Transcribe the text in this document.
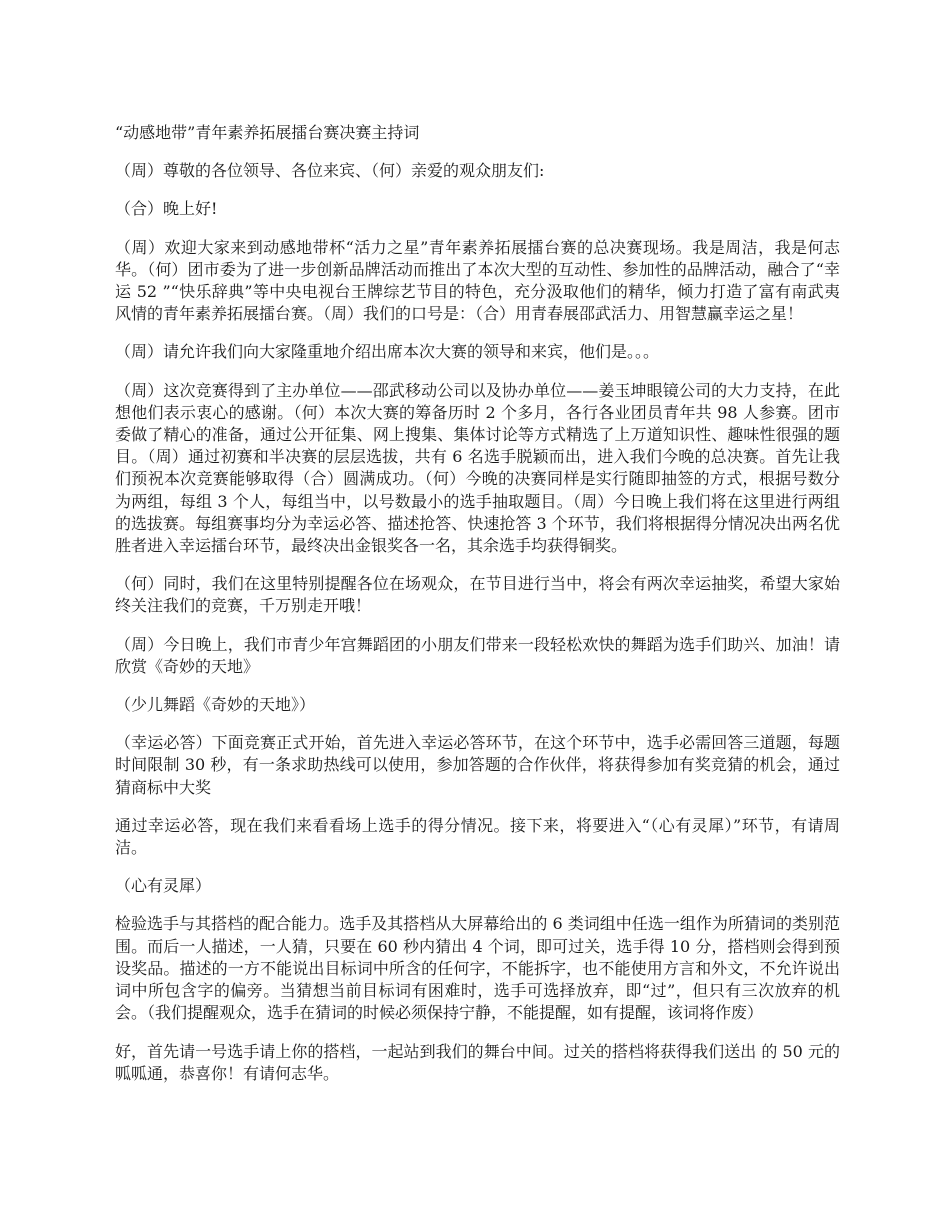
“动感地带”青年素养拓展擂台赛决赛主持词

（周）尊敬的各位领导、各位来宾、（何）亲爱的观众朋友们:

（合）晚上好!

（周）欢迎大家来到动感地带杯“活力之星”青年素养拓展擂台赛的总决赛现场。我是周洁，我是何志华。（何）团市委为了进一步创新品牌活动而推出了本次大型的互动性、参加性的品牌活动，融合了“幸运 52 ”“快乐辞典”等中央电视台王牌综艺节目的特色，充分汲取他们的精华，倾力打造了富有南武夷风情的青年素养拓展擂台赛。（周）我们的口号是：（合）用青春展邵武活力、用智慧赢幸运之星！

（周）请允许我们向大家隆重地介绍出席本次大赛的领导和来宾，他们是。。。

（周）这次竞赛得到了主办单位——邵武移动公司以及协办单位——姜玉坤眼镜公司的大力支持，在此想他们表示衷心的感谢。（何）本次大赛的筹备历时 2 个多月，各行各业团员青年共 98 人参赛。团市委做了精心的准备，通过公开征集、网上搜集、集体讨论等方式精选了上万道知识性、趣味性很强的题目。（周）通过初赛和半决赛的层层选拔，共有 6 名选手脱颖而出，进入我们今晚的总决赛。首先让我们预祝本次竞赛能够取得（合）圆满成功。（何）今晚的决赛同样是实行随即抽签的方式，根据号数分为两组，每组 3 个人，每组当中，以号数最小的选手抽取题目。（周）今日晚上我们将在这里进行两组的选拔赛。每组赛事均分为幸运必答、描述抢答、快速抢答 3 个环节，我们将根据得分情况决出两名优胜者进入幸运擂台环节，最终决出金银奖各一名，其余选手均获得铜奖。

（何）同时，我们在这里特别提醒各位在场观众，在节目进行当中，将会有两次幸运抽奖，希望大家始终关注我们的竞赛，千万别走开哦！

（周）今日晚上，我们市青少年宫舞蹈团的小朋友们带来一段轻松欢快的舞蹈为选手们助兴、加油！请欣赏《奇妙的天地》

（少儿舞蹈《奇妙的天地》）

（幸运必答）下面竞赛正式开始，首先进入幸运必答环节，在这个环节中，选手必需回答三道题，每题时间限制 30 秒，有一条求助热线可以使用，参加答题的合作伙伴，将获得参加有奖竞猜的机会，通过猜商标中大奖

通过幸运必答，现在我们来看看场上选手的得分情况。接下来，将要进入“（心有灵犀）”环节，有请周洁。

（心有灵犀）

检验选手与其搭档的配合能力。选手及其搭档从大屏幕给出的 6 类词组中任选一组作为所猜词的类别范围。而后一人描述，一人猜，只要在 60 秒内猜出 4 个词，即可过关，选手得 10 分，搭档则会得到预设奖品。描述的一方不能说出目标词中所含的任何字，不能拆字，也不能使用方言和外文，不允许说出词中所包含字的偏旁。当猜想当前目标词有困难时，选手可选择放弃，即“过”，但只有三次放弃的机会。（我们提醒观众，选手在猜词的时候必须保持宁静，不能提醒，如有提醒，该词将作废）

好，首先请一号选手请上你的搭档，一起站到我们的舞台中间。过关的搭档将获得我们送出 的 50 元的呱呱通，恭喜你！有请何志华。
